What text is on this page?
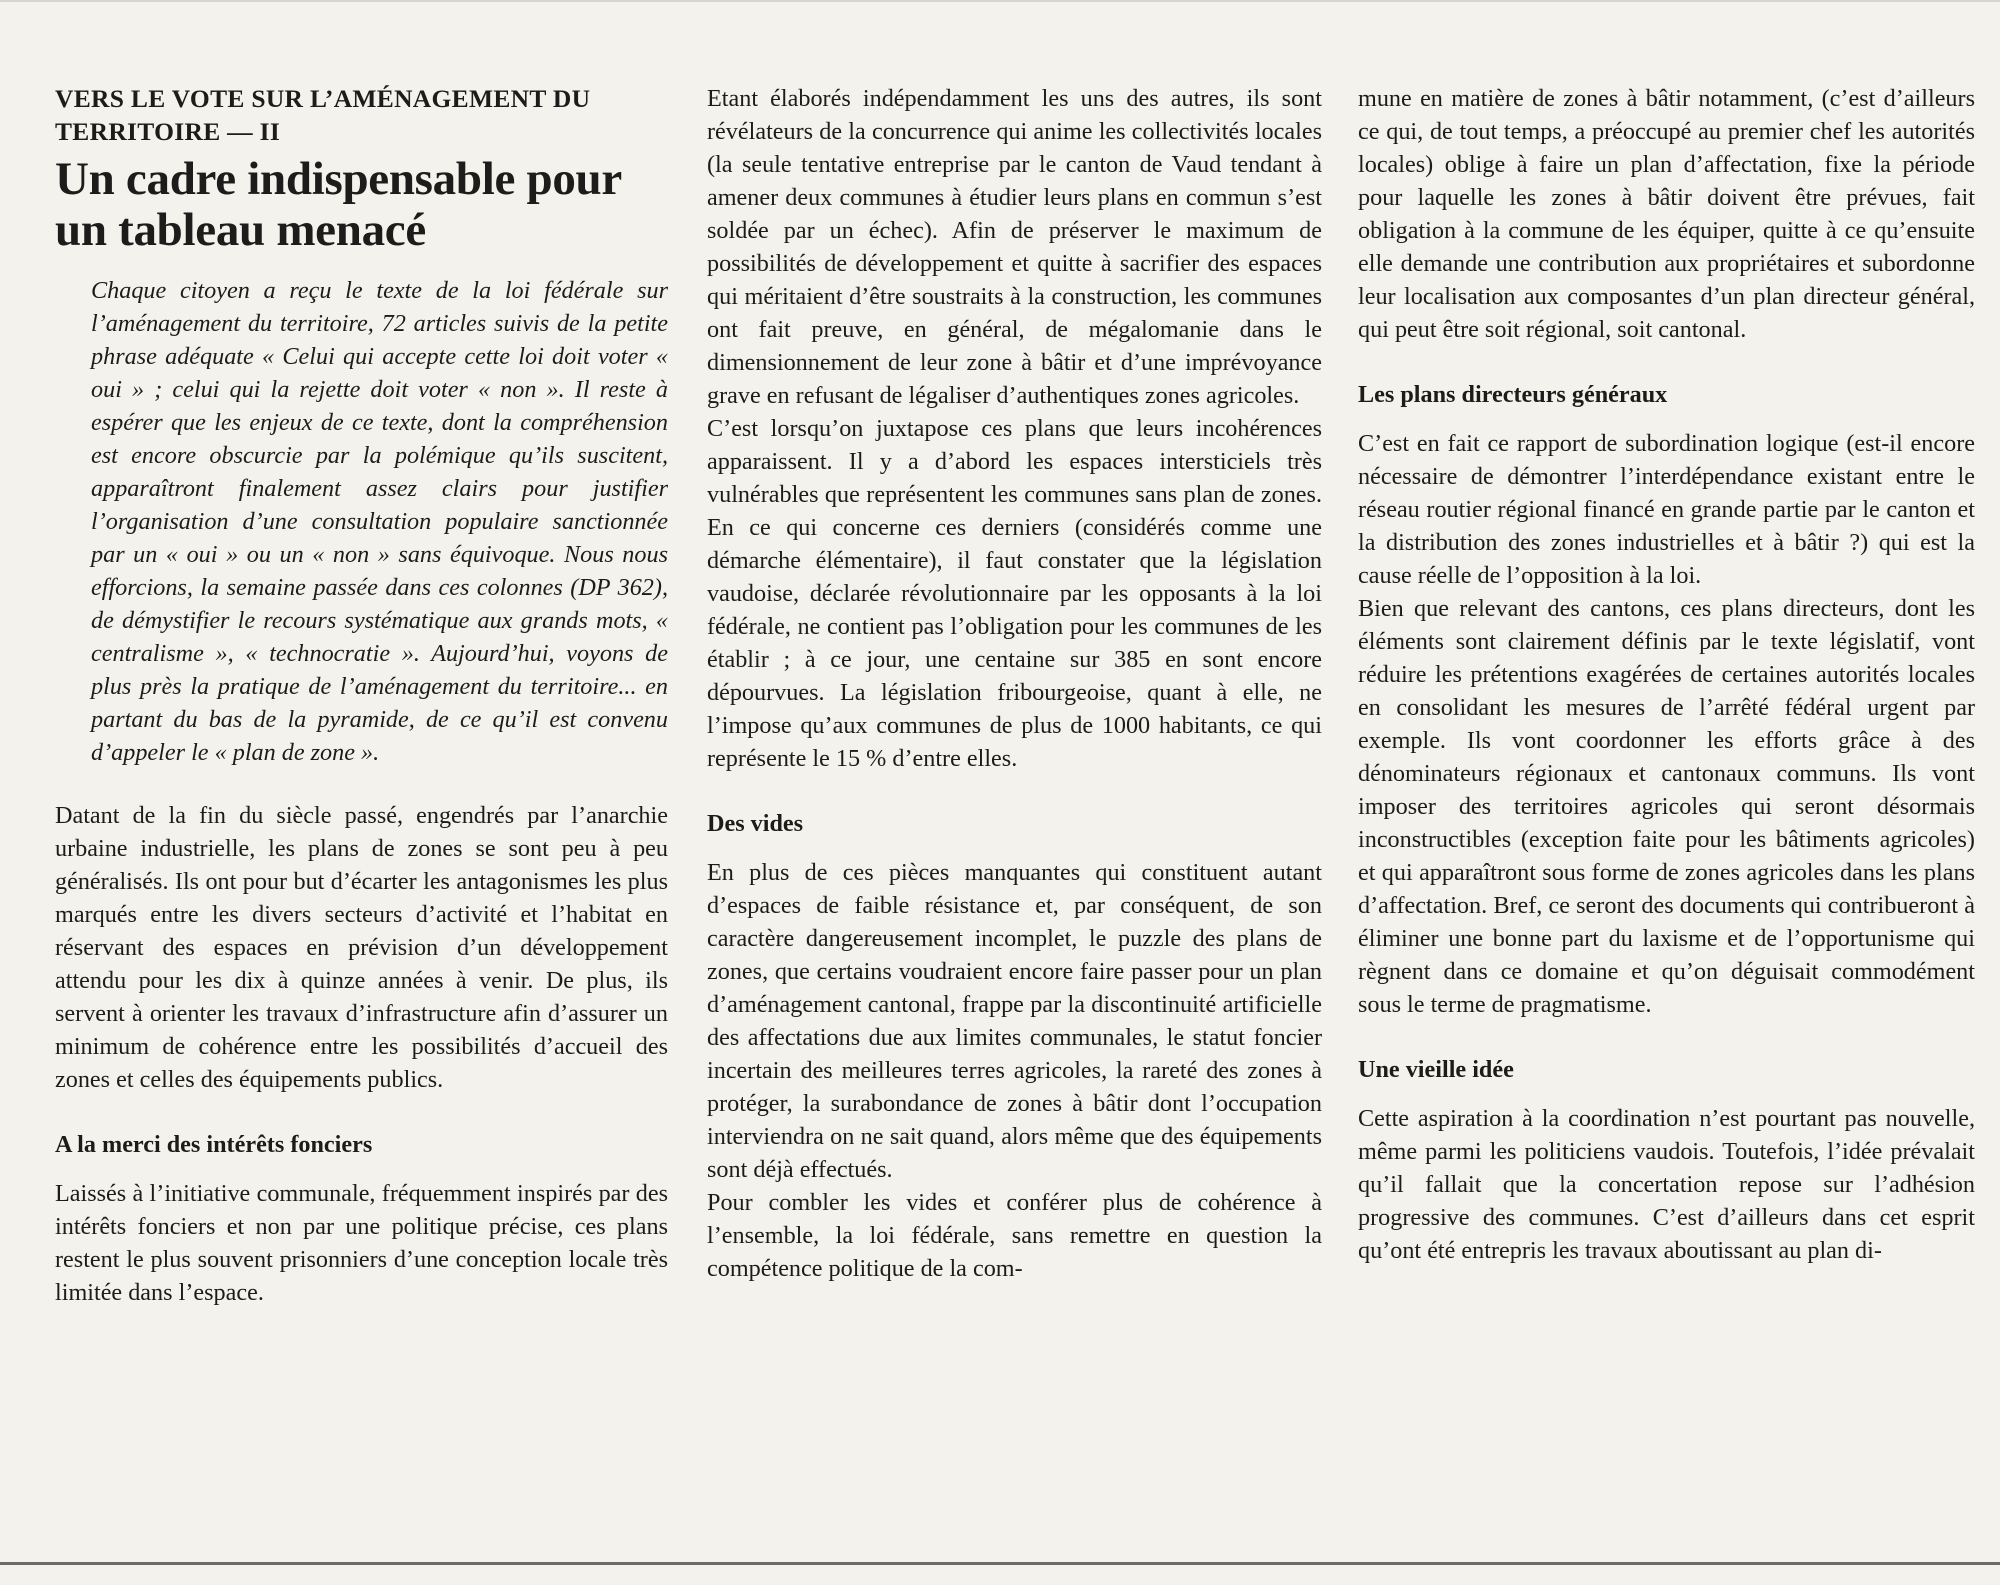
VERS LE VOTE SUR L’AMÉNAGEMENT DU TERRITOIRE — II
Un cadre indispensable pour un tableau menacé

Chaque citoyen a reçu le texte de la loi fédérale sur l’aménagement du territoire, 72 articles suivis de la petite phrase adéquate « Celui qui accepte cette loi doit voter « oui » ; celui qui la rejette doit voter « non ». Il reste à espérer que les enjeux de ce texte, dont la compréhension est encore obscurcie par la polémique qu’ils suscitent, apparaîtront finalement assez clairs pour justifier l’organisation d’une consultation populaire sanctionnée par un « oui » ou un « non » sans équivoque. Nous nous efforcions, la semaine passée dans ces colonnes (DP 362), de démystifier le recours systématique aux grands mots, « centralisme », « technocratie ». Aujourd’hui, voyons de plus près la pratique de l’aménagement du territoire... en partant du bas de la pyramide, de ce qu’il est convenu d’appeler le « plan de zone ».

Datant de la fin du siècle passé, engendrés par l’anarchie urbaine industrielle, les plans de zones se sont peu à peu généralisés. Ils ont pour but d’écarter les antagonismes les plus marqués entre les divers secteurs d’activité et l’habitat en réservant des espaces en prévision d’un développement attendu pour les dix à quinze années à venir. De plus, ils servent à orienter les travaux d’infrastructure afin d’assurer un minimum de cohérence entre les possibilités d’accueil des zones et celles des équipements publics.

A la merci des intérêts fonciers

Laissés à l’initiative communale, fréquemment inspirés par des intérêts fonciers et non par une politique précise, ces plans restent le plus souvent prisonniers d’une conception locale très limitée dans l’espace.

Etant élaborés indépendamment les uns des autres, ils sont révélateurs de la concurrence qui anime les collectivités locales (la seule tentative entreprise par le canton de Vaud tendant à amener deux communes à étudier leurs plans en commun s’est soldée par un échec). Afin de préserver le maximum de possibilités de développement et quitte à sacrifier des espaces qui méritaient d’être soustraits à la construction, les communes ont fait preuve, en général, de mégalomanie dans le dimensionnement de leur zone à bâtir et d’une imprévoyance grave en refusant de légaliser d’authentiques zones agricoles.

C’est lorsqu’on juxtapose ces plans que leurs incohérences apparaissent. Il y a d’abord les espaces intersticiels très vulnérables que représentent les communes sans plan de zones. En ce qui concerne ces derniers (considérés comme une démarche élémentaire), il faut constater que la législation vaudoise, déclarée révolutionnaire par les opposants à la loi fédérale, ne contient pas l’obligation pour les communes de les établir ; à ce jour, une centaine sur 385 en sont encore dépourvues. La législation fribourgeoise, quant à elle, ne l’impose qu’aux communes de plus de 1000 habitants, ce qui représente le 15 % d’entre elles.

Des vides

En plus de ces pièces manquantes qui constituent autant d’espaces de faible résistance et, par conséquent, de son caractère dangereusement incomplet, le puzzle des plans de zones, que certains voudraient encore faire passer pour un plan d’aménagement cantonal, frappe par la discontinuité artificielle des affectations due aux limites communales, le statut foncier incertain des meilleures terres agricoles, la rareté des zones à protéger, la surabondance de zones à bâtir dont l’occupation interviendra on ne sait quand, alors même que des équipements sont déjà effectués.

Pour combler les vides et conférer plus de cohérence à l’ensemble, la loi fédérale, sans remettre en question la compétence politique de la com-

mune en matière de zones à bâtir notamment, (c’est d’ailleurs ce qui, de tout temps, a préoccupé au premier chef les autorités locales) oblige à faire un plan d’affectation, fixe la période pour laquelle les zones à bâtir doivent être prévues, fait obligation à la commune de les équiper, quitte à ce qu’ensuite elle demande une contribution aux propriétaires et subordonne leur localisation aux composantes d’un plan directeur général, qui peut être soit régional, soit cantonal.

Les plans directeurs généraux

C’est en fait ce rapport de subordination logique (est-il encore nécessaire de démontrer l’interdépendance existant entre le réseau routier régional financé en grande partie par le canton et la distribution des zones industrielles et à bâtir ?) qui est la cause réelle de l’opposition à la loi.

Bien que relevant des cantons, ces plans directeurs, dont les éléments sont clairement définis par le texte législatif, vont réduire les prétentions exagérées de certaines autorités locales en consolidant les mesures de l’arrêté fédéral urgent par exemple. Ils vont coordonner les efforts grâce à des dénominateurs régionaux et cantonaux communs. Ils vont imposer des territoires agricoles qui seront désormais inconstructibles (exception faite pour les bâtiments agricoles) et qui apparaîtront sous forme de zones agricoles dans les plans d’affectation. Bref, ce seront des documents qui contribueront à éliminer une bonne part du laxisme et de l’opportunisme qui règnent dans ce domaine et qu’on déguisait commodément sous le terme de pragmatisme.

Une vieille idée

Cette aspiration à la coordination n’est pourtant pas nouvelle, même parmi les politiciens vaudois. Toutefois, l’idée prévalait qu’il fallait que la concertation repose sur l’adhésion progressive des communes. C’est d’ailleurs dans cet esprit qu’ont été entrepris les travaux aboutissant au plan di-
